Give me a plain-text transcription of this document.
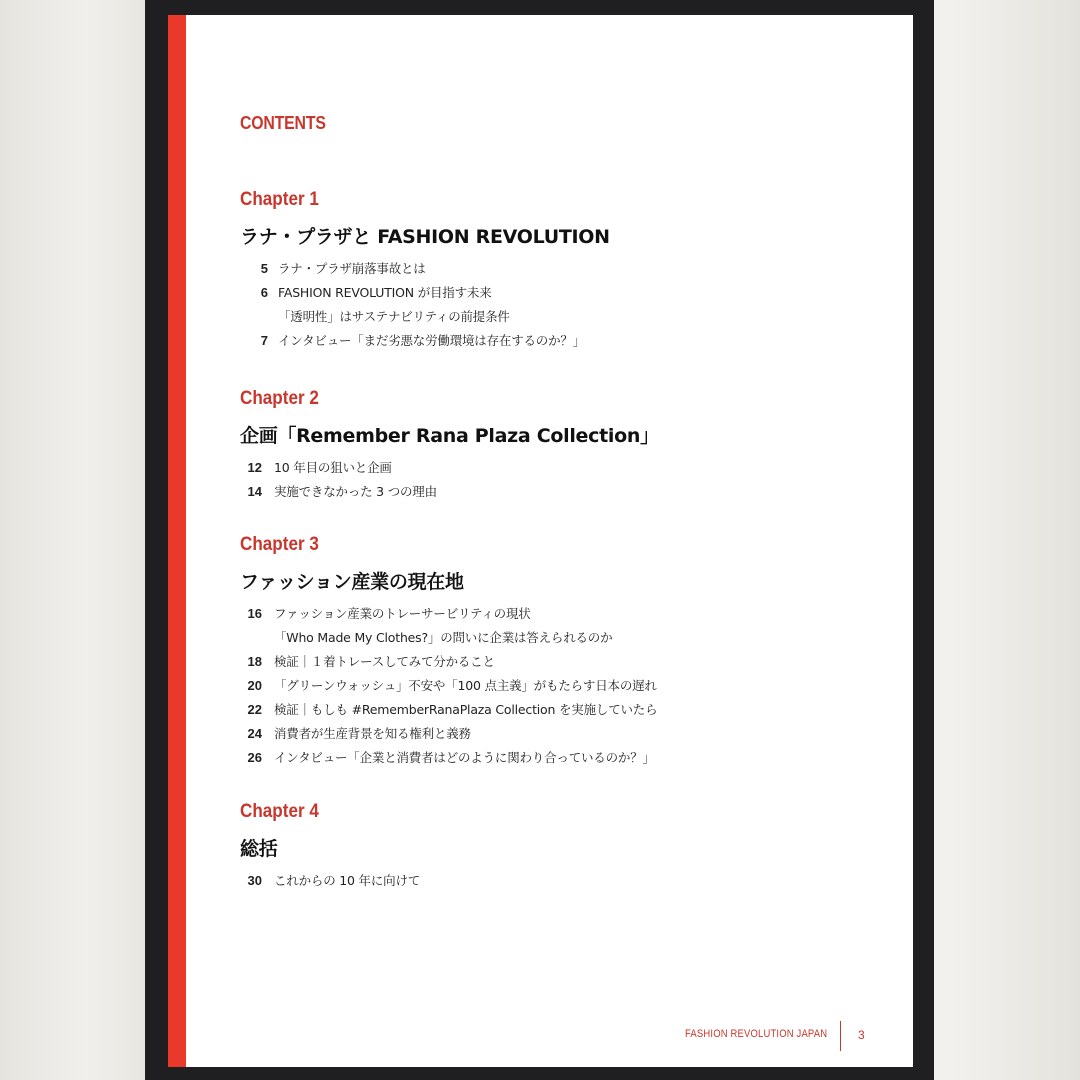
CONTENTS
Chapter 1
ラナ・プラザと FASHION REVOLUTION
5 ラナ・プラザ崩落事故とは
6 FASHION REVOLUTION が目指す未来
「透明性」はサステナビリティの前提条件
7 インタビュー「まだ劣悪な労働環境は存在するのか？」
Chapter 2
企画「Remember Rana Plaza Collection」
12 10 年目の狙いと企画
14 実施できなかった 3 つの理由
Chapter 3
ファッション産業の現在地
16 ファッション産業のトレーサービリティの現状
「Who Made My Clothes?」の問いに企業は答えられるのか
18 検証｜１着トレースしてみて分かること
20 「グリーンウォッシュ」不安や「100 点主義」がもたらす日本の遅れ
22 検証｜もしも #RememberRanaPlaza Collection を実施していたら
24 消費者が生産背景を知る権利と義務
26 インタビュー「企業と消費者はどのように関わり合っているのか？」
Chapter 4
総括
30 これからの 10 年に向けて
FASHION REVOLUTION JAPAN	3
